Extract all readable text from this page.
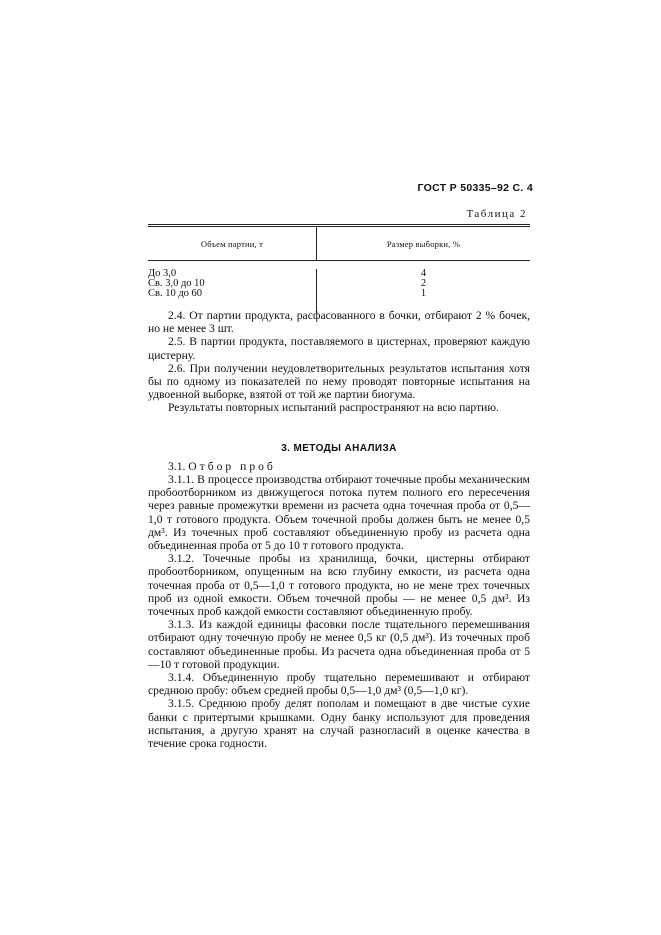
ГОСТ Р 50335–92 С. 4
Таблица 2
Объем партии, т	Размер выборки, %
До 3,0
Св. 3,0 до 10
Св. 10 до 60
4
2
1

2.4. От партии продукта, расфасованного в бочки, отбирают 2 % бочек, но не менее 3 шт.

2.5. В партии продукта, поставляемого в цистернах, проверяют каждую цистерну.

2.6. При получении неудовлетворительных результатов испытания хотя бы по одному из показателей по нему проводят повторные испытания на удвоенной выборке, взятой от той же партии биогума.

Результаты повторных испытаний распространяют на всю партию.

3. МЕТОДЫ АНАЛИЗА

3.1. Отбор проб

3.1.1. В процессе производства отбирают точечные пробы механическим пробоотборником из движущегося потока путем полного его пересечения через равные промежутки времени из расчета одна точечная проба от 0,5—1,0 т готового продукта. Объем точечной пробы должен быть не менее 0,5 дм³. Из точечных проб составляют объединенную пробу из расчета одна объединенная проба от 5 до 10 т готового продукта.

3.1.2. Точечные пробы из хранилища, бочки, цистерны отбирают пробоотборником, опущенным на всю глубину емкости, из расчета одна точечная проба от 0,5—1,0 т готового продукта, но не мене трех точечных проб из одной емкости. Объем точечной пробы — не менее 0,5 дм³. Из точечных проб каждой емкости составляют объединенную пробу.

3.1.3. Из каждой единицы фасовки после тщательного перемешивания отбирают одну точечную пробу не менее 0,5 кг (0,5 дм³). Из точечных проб составляют объединенные пробы. Из расчета одна объединенная проба от 5—10 т готовой продукции.

3.1.4. Объединенную пробу тщательно перемешивают и отбирают среднюю пробу: объем средней пробы 0,5—1,0 дм³ (0,5—1,0 кг).

3.1.5. Среднюю пробу делят пополам и помещают в две чистые сухие банки с притертыми крышками. Одну банку используют для проведения испытания, а другую хранят на случай разногласий в оценке качества в течение срока годности.
